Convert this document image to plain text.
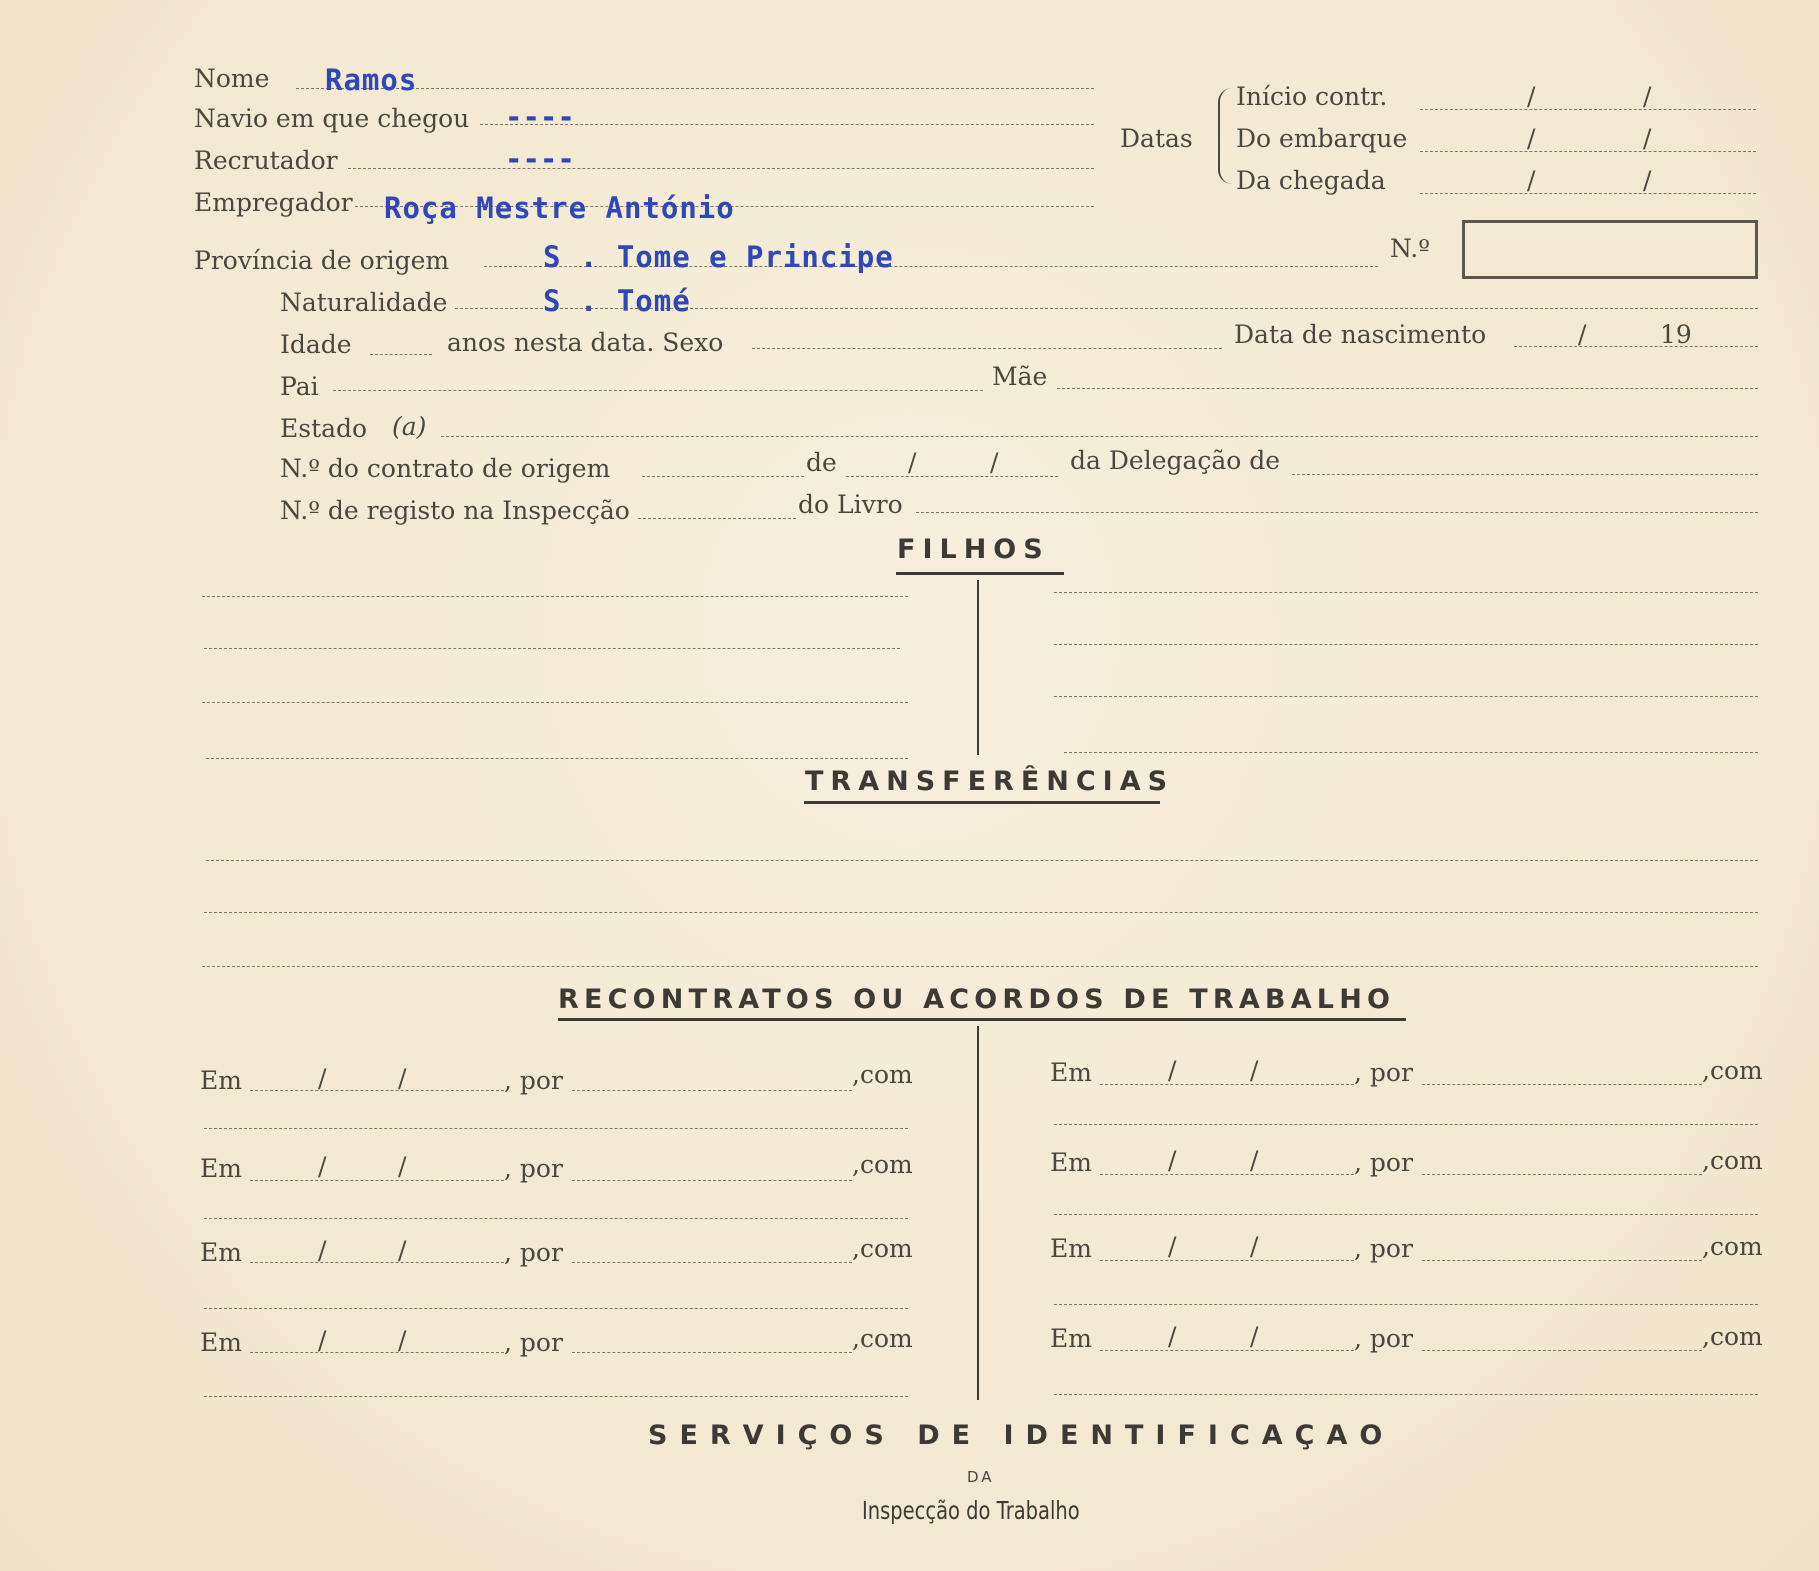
Nome Ramos
Navio em que chegou ----
Recrutador	----
Empregador Roça Mestre António
Datas
Início contr.	/	/
Do embarque	/	/
Da chegada	/	/
Província de origem	S . Tome e Principe	N.º
Naturalidade	S . Tomé
Idade	anos nesta data. Sexo	Data de nascimento	/	19
Pai	Mãe
Estado (a)
N.º do contrato de origem	de	/	/	da Delegação de
N.º de registo na Inspecção	do Livro
FILHOS
TRANSFERÊNCIAS
RECONTRATOS OU ACORDOS DE TRABALHO
Em	/	/	, por	,com
Em	/	/	, por	,com
Em	/	/	, por	,com
Em	/	/	, por	,com
Em	/	/	, por	,com
Em	/	/	, por	,com
Em	/	/	, por	,com
Em	/	/	, por	,com
SERVIÇOS DE IDENTIFICAÇAO
DA
Inspecção do Trabalho
